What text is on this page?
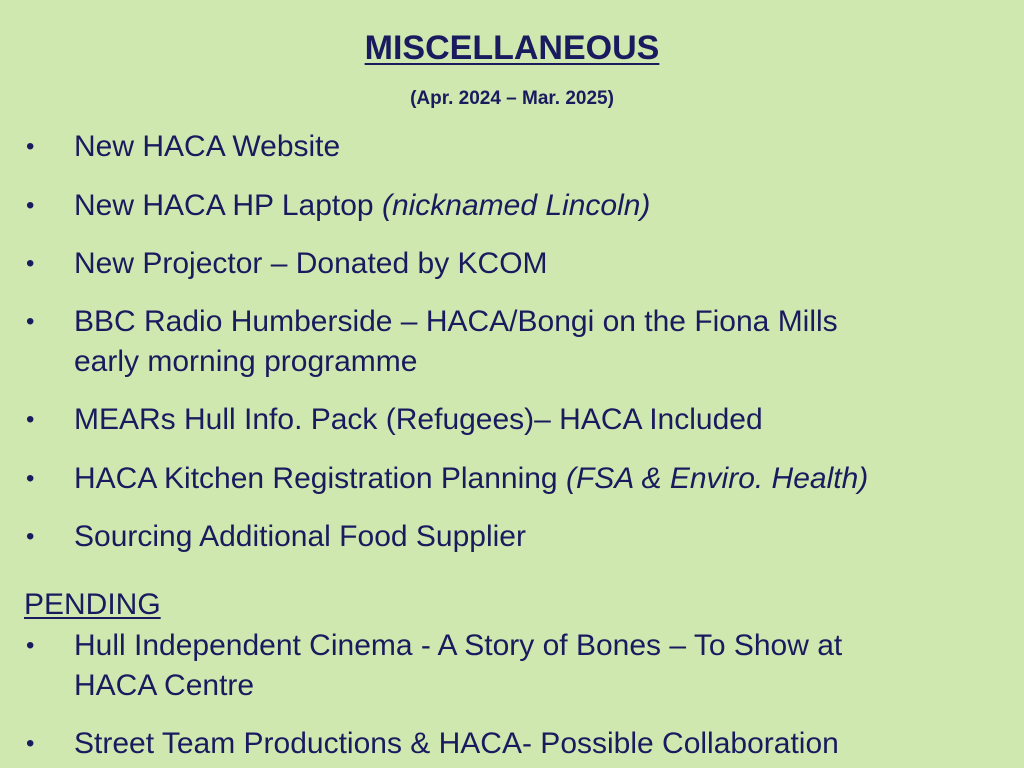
MISCELLANEOUS
(Apr. 2024 – Mar. 2025)
•	New HACA Website
•	New HACA HP Laptop (nicknamed Lincoln)
•	New Projector – Donated by KCOM
•	BBC Radio Humberside – HACA/Bongi on the Fiona Mills
early morning programme
•	MEARs Hull Info. Pack (Refugees)– HACA Included
•	HACA Kitchen Registration Planning (FSA & Enviro. Health)
•	Sourcing Additional Food Supplier
PENDING
•	Hull Independent Cinema - A Story of Bones – To Show at
HACA Centre
•	Street Team Productions & HACA- Possible Collaboration
